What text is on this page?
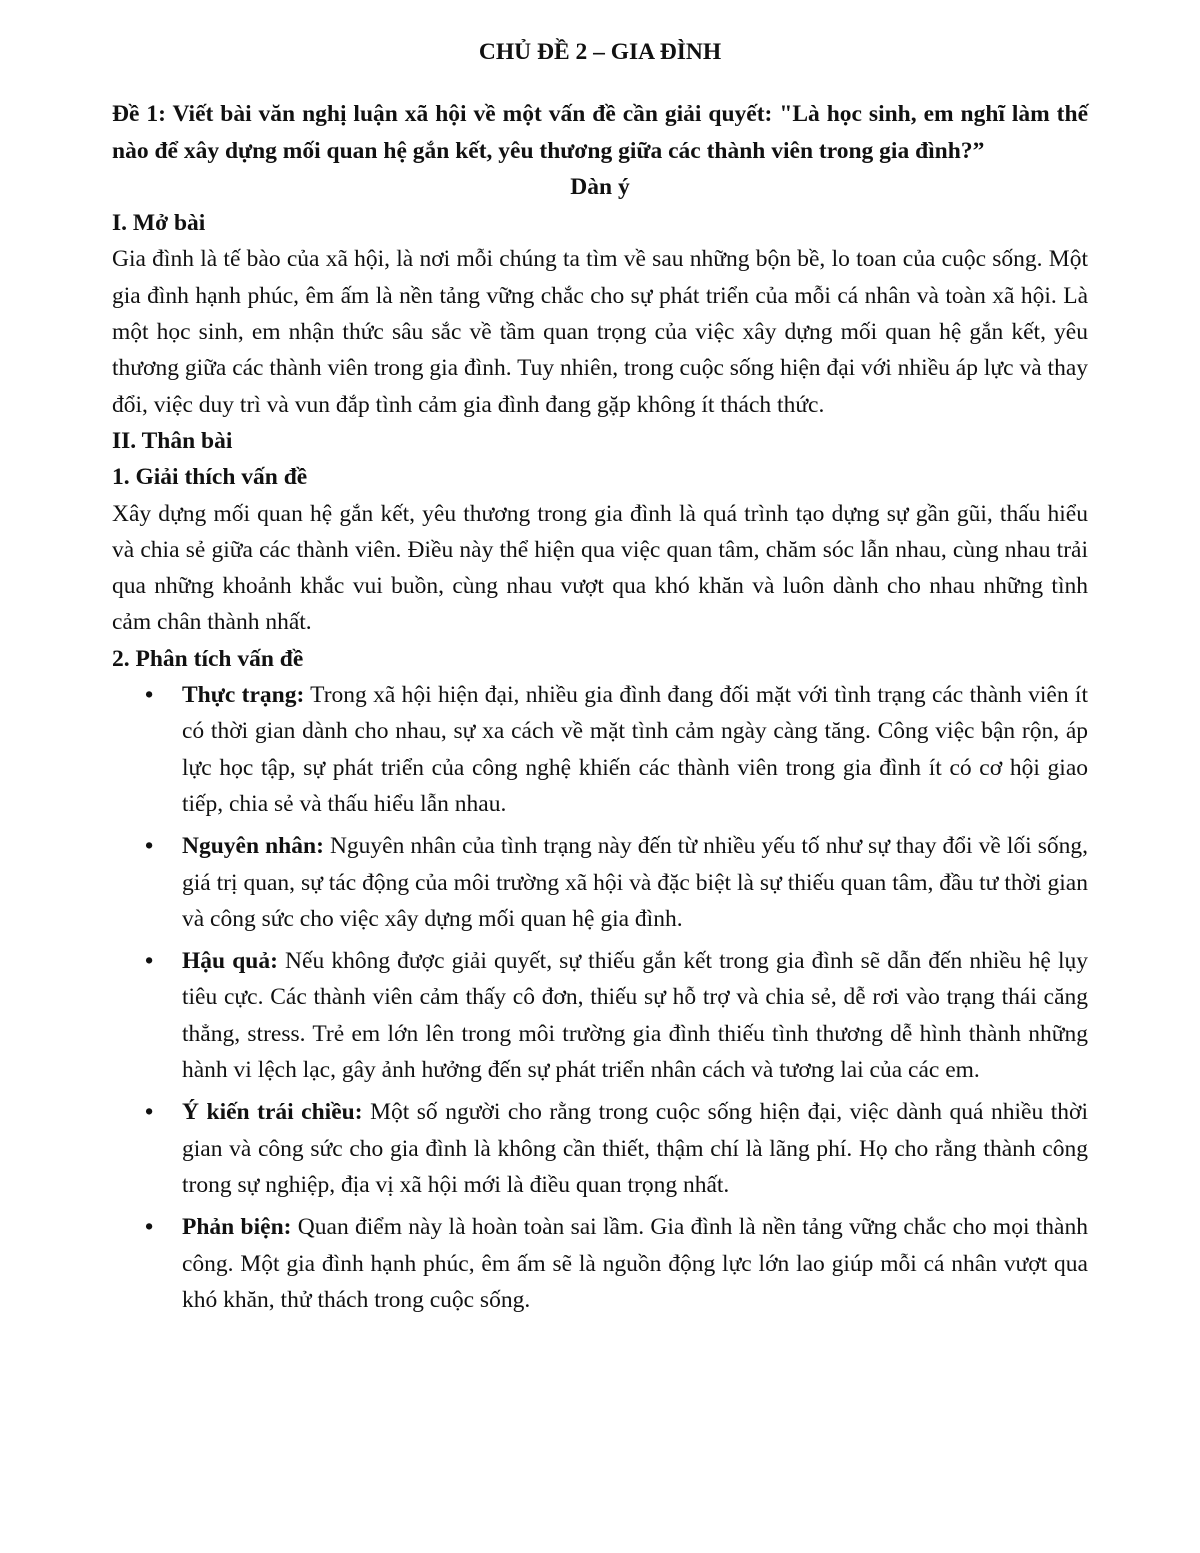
CHỦ ĐỀ 2 – GIA ĐÌNH

Đề 1: Viết bài văn nghị luận xã hội về một vấn đề cần giải quyết: "Là học sinh, em nghĩ làm thế nào để xây dựng mối quan hệ gắn kết, yêu thương giữa các thành viên trong gia đình?”

Dàn ý

I. Mở bài

Gia đình là tế bào của xã hội, là nơi mỗi chúng ta tìm về sau những bộn bề, lo toan của cuộc sống. Một gia đình hạnh phúc, êm ấm là nền tảng vững chắc cho sự phát triển của mỗi cá nhân và toàn xã hội. Là một học sinh, em nhận thức sâu sắc về tầm quan trọng của việc xây dựng mối quan hệ gắn kết, yêu thương giữa các thành viên trong gia đình. Tuy nhiên, trong cuộc sống hiện đại với nhiều áp lực và thay đổi, việc duy trì và vun đắp tình cảm gia đình đang gặp không ít thách thức.

II. Thân bài

1. Giải thích vấn đề

Xây dựng mối quan hệ gắn kết, yêu thương trong gia đình là quá trình tạo dựng sự gần gũi, thấu hiểu và chia sẻ giữa các thành viên. Điều này thể hiện qua việc quan tâm, chăm sóc lẫn nhau, cùng nhau trải qua những khoảnh khắc vui buồn, cùng nhau vượt qua khó khăn và luôn dành cho nhau những tình cảm chân thành nhất.

2. Phân tích vấn đề

• Thực trạng: Trong xã hội hiện đại, nhiều gia đình đang đối mặt với tình trạng các thành viên ít có thời gian dành cho nhau, sự xa cách về mặt tình cảm ngày càng tăng. Công việc bận rộn, áp lực học tập, sự phát triển của công nghệ khiến các thành viên trong gia đình ít có cơ hội giao tiếp, chia sẻ và thấu hiểu lẫn nhau.
• Nguyên nhân: Nguyên nhân của tình trạng này đến từ nhiều yếu tố như sự thay đổi về lối sống, giá trị quan, sự tác động của môi trường xã hội và đặc biệt là sự thiếu quan tâm, đầu tư thời gian và công sức cho việc xây dựng mối quan hệ gia đình.
• Hậu quả: Nếu không được giải quyết, sự thiếu gắn kết trong gia đình sẽ dẫn đến nhiều hệ lụy tiêu cực. Các thành viên cảm thấy cô đơn, thiếu sự hỗ trợ và chia sẻ, dễ rơi vào trạng thái căng thẳng, stress. Trẻ em lớn lên trong môi trường gia đình thiếu tình thương dễ hình thành những hành vi lệch lạc, gây ảnh hưởng đến sự phát triển nhân cách và tương lai của các em.
• Ý kiến trái chiều: Một số người cho rằng trong cuộc sống hiện đại, việc dành quá nhiều thời gian và công sức cho gia đình là không cần thiết, thậm chí là lãng phí. Họ cho rằng thành công trong sự nghiệp, địa vị xã hội mới là điều quan trọng nhất.
• Phản biện: Quan điểm này là hoàn toàn sai lầm. Gia đình là nền tảng vững chắc cho mọi thành công. Một gia đình hạnh phúc, êm ấm sẽ là nguồn động lực lớn lao giúp mỗi cá nhân vượt qua khó khăn, thử thách trong cuộc sống.
